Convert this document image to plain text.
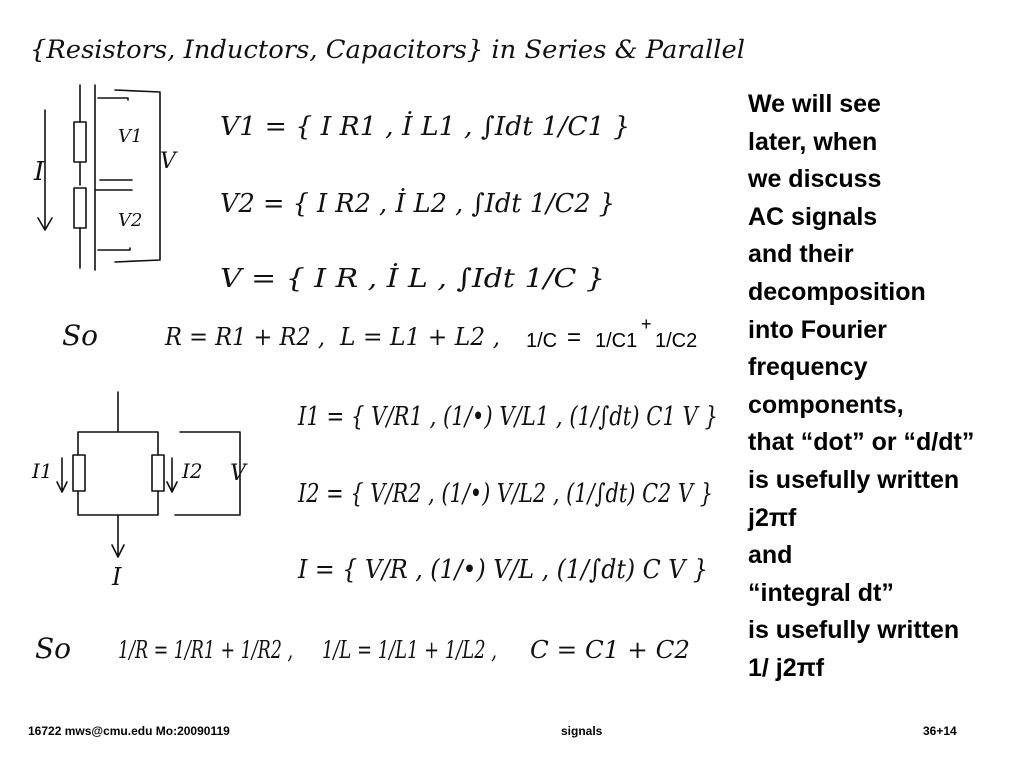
{Resistors, Inductors, Capacitors} in Series & Parallel
I
V1
V2
V
V1 = { I R1 , İ L1 , ∫Idt 1/C1 }
V2 = { I R2 , İ L2 , ∫Idt 1/C2 }
V = { I R , İ L , ∫Idt 1/C }
So	R = R1 + R2 , L = L1 + L2 , 1/C = 1/C1
+
1/C2
I1	I2 V
I
I1 = { V/R1 , (1/•) V/L1 , (1/∫dt) C1 V }
I2 = { V/R2 , (1/•) V/L2 , (1/∫dt) C2 V }
I = { V/R , (1/•) V/L , (1/∫dt) C V }
So 1/R = 1/R1 + 1/R2 , 1/L = 1/L1 + 1/L2 , C = C1 + C2
We will see
later, when
we discuss
AC signals
and their
decomposition
into Fourier
frequency
components,
that “dot” or “d/dt”
is usefully written
j2πf
and
“integral dt”
is usefully written
1/ j2πf
16722 mws@cmu.edu Mo:20090119	signals	36+14
